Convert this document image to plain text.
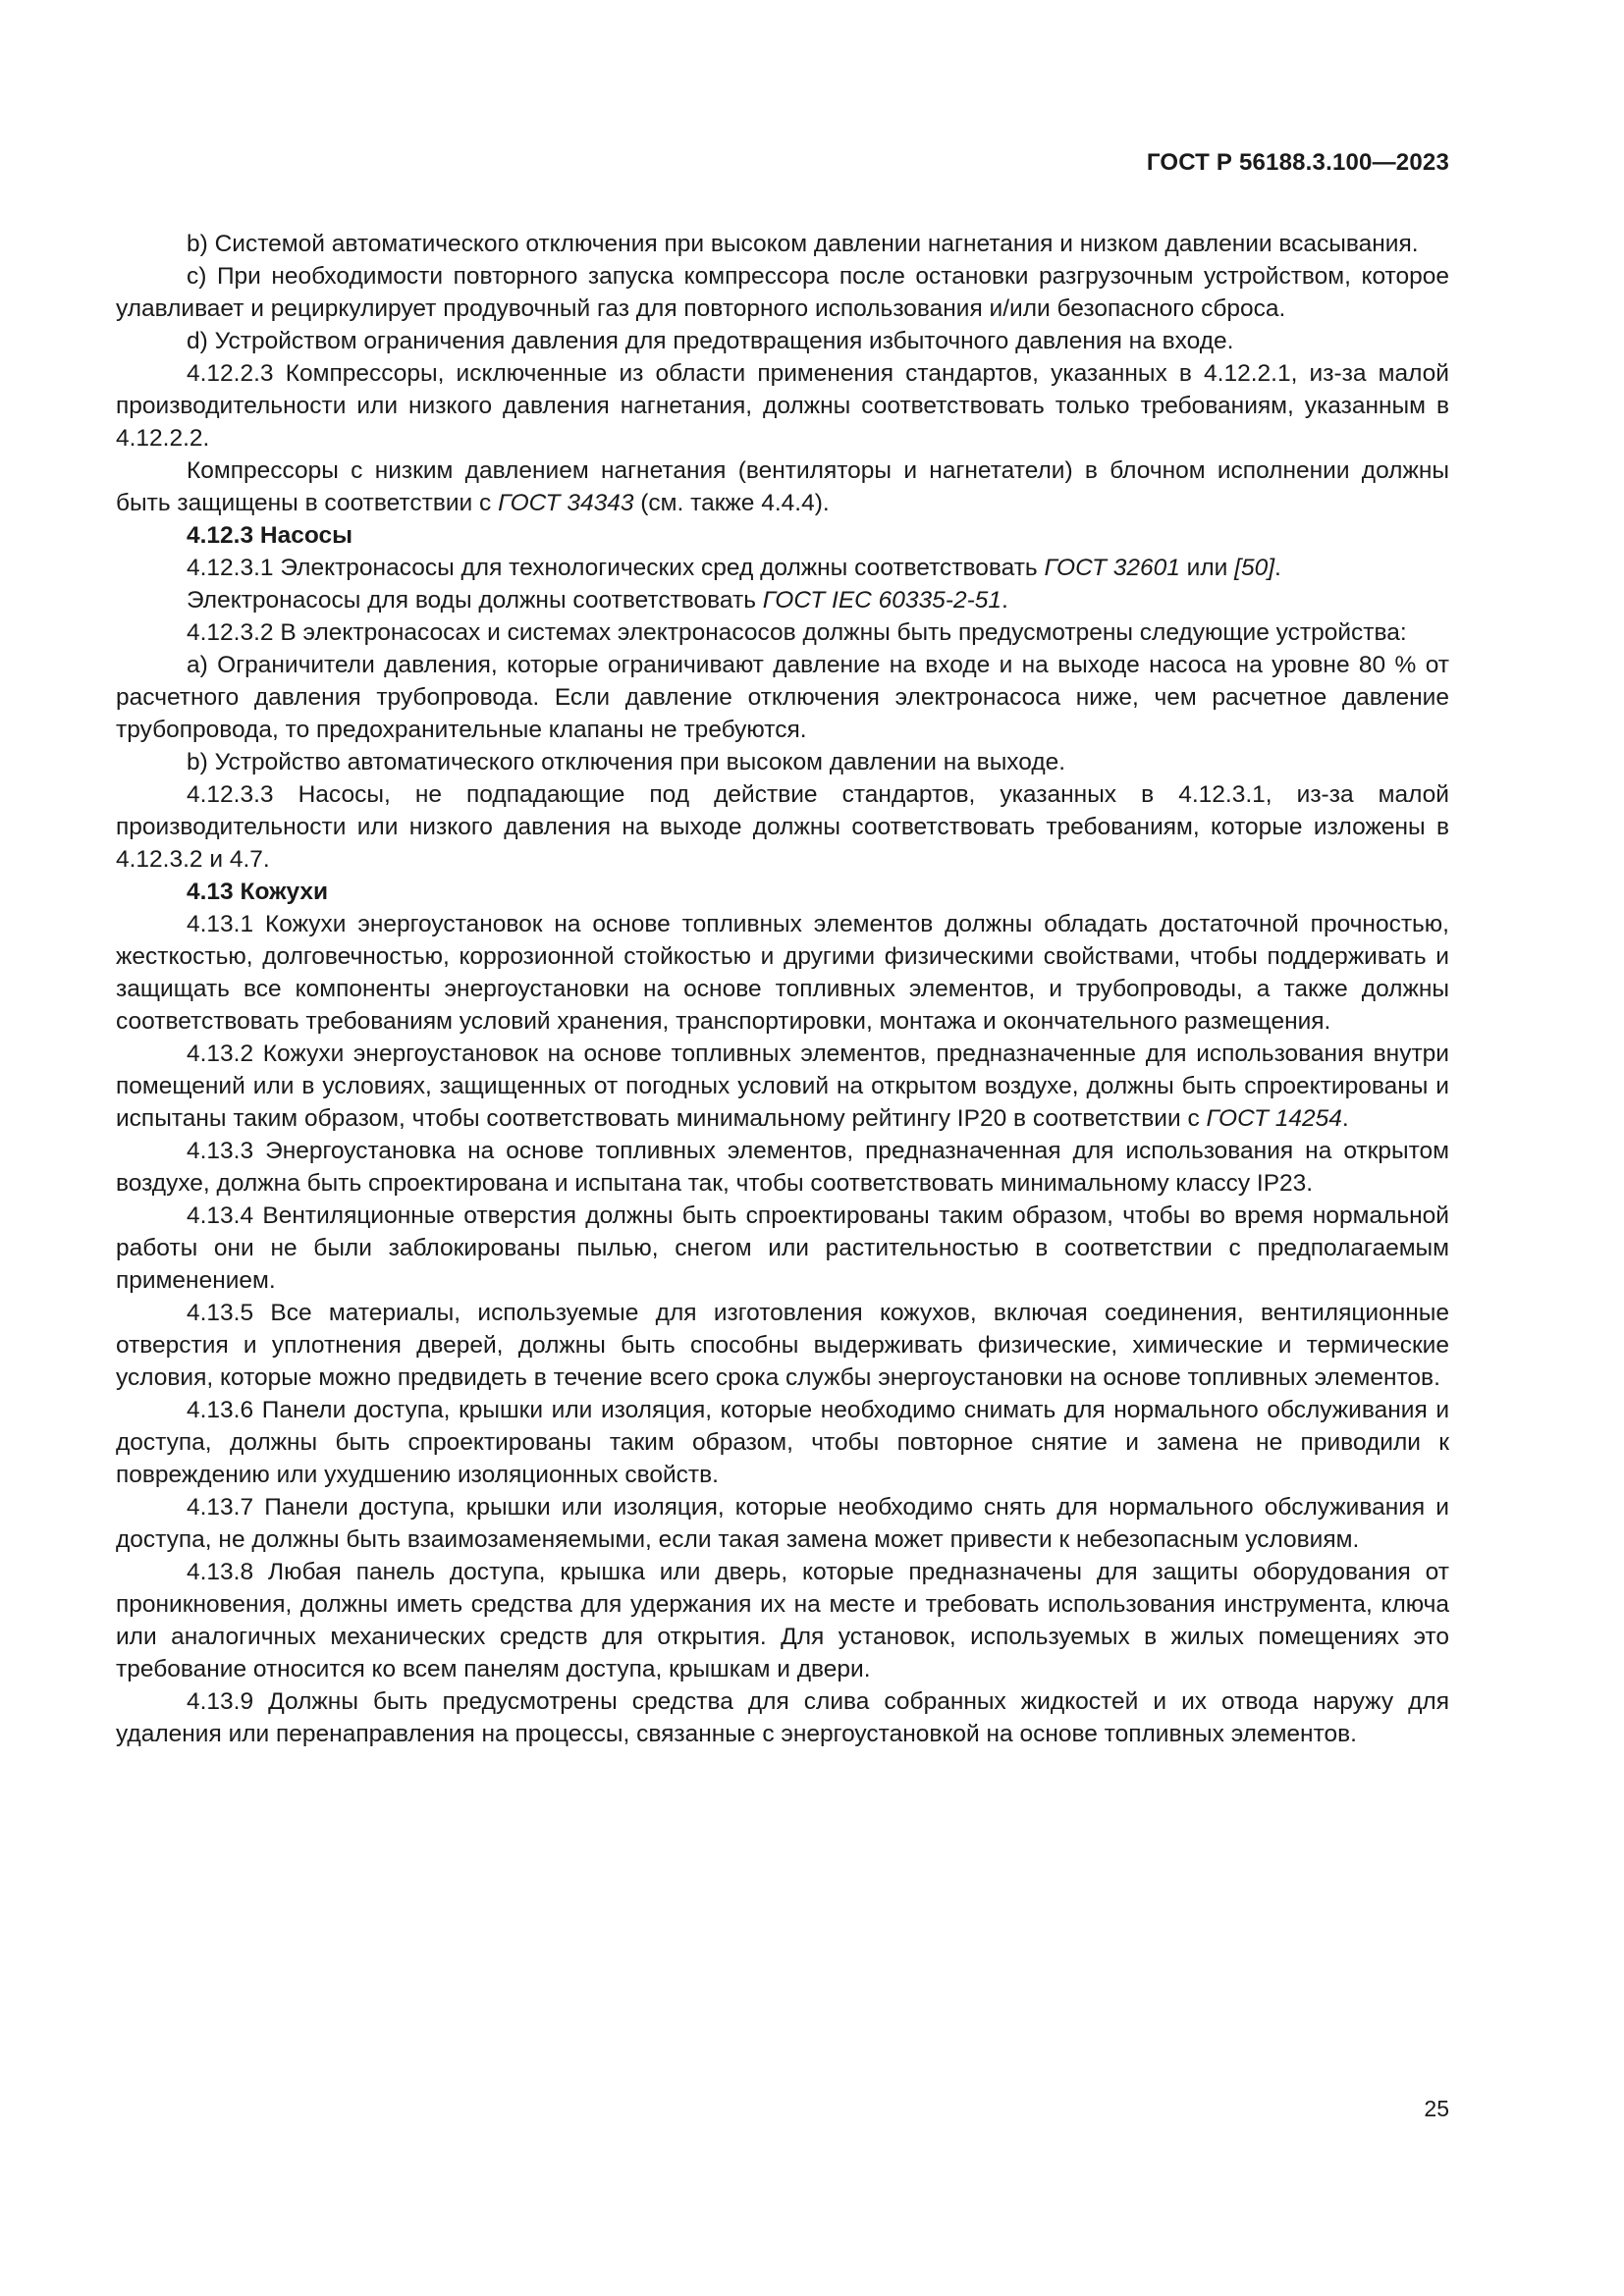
ГОСТ Р 56188.3.100—2023

b) Системой автоматического отключения при высоком давлении нагнетания и низком давлении всасывания.

c) При необходимости повторного запуска компрессора после остановки разгрузочным устройством, которое улавливает и рециркулирует продувочный газ для повторного использования и/или безопасного сброса.

d) Устройством ограничения давления для предотвращения избыточного давления на входе.

4.12.2.3 Компрессоры, исключенные из области применения стандартов, указанных в 4.12.2.1, из-за малой производительности или низкого давления нагнетания, должны соответствовать только требованиям, указанным в 4.12.2.2.

Компрессоры с низким давлением нагнетания (вентиляторы и нагнетатели) в блочном исполнении должны быть защищены в соответствии с ГОСТ 34343 (см. также 4.4.4).

4.12.3 Насосы

4.12.3.1 Электронасосы для технологических сред должны соответствовать ГОСТ 32601 или [50].

Электронасосы для воды должны соответствовать ГОСТ IEC 60335-2-51.

4.12.3.2 В электронасосах и системах электронасосов должны быть предусмотрены следующие устройства:

a) Ограничители давления, которые ограничивают давление на входе и на выходе насоса на уровне 80 % от расчетного давления трубопровода. Если давление отключения электронасоса ниже, чем расчетное давление трубопровода, то предохранительные клапаны не требуются.

b) Устройство автоматического отключения при высоком давлении на выходе.

4.12.3.3 Насосы, не подпадающие под действие стандартов, указанных в 4.12.3.1, из-за малой производительности или низкого давления на выходе должны соответствовать требованиям, которые изложены в 4.12.3.2 и 4.7.

4.13 Кожухи

4.13.1 Кожухи энергоустановок на основе топливных элементов должны обладать достаточной прочностью, жесткостью, долговечностью, коррозионной стойкостью и другими физическими свойствами, чтобы поддерживать и защищать все компоненты энергоустановки на основе топливных элементов, и трубопроводы, а также должны соответствовать требованиям условий хранения, транспортировки, монтажа и окончательного размещения.

4.13.2 Кожухи энергоустановок на основе топливных элементов, предназначенные для использования внутри помещений или в условиях, защищенных от погодных условий на открытом воздухе, должны быть спроектированы и испытаны таким образом, чтобы соответствовать минимальному рейтингу IP20 в соответствии с ГОСТ 14254.

4.13.3 Энергоустановка на основе топливных элементов, предназначенная для использования на открытом воздухе, должна быть спроектирована и испытана так, чтобы соответствовать минимальному классу IP23.

4.13.4 Вентиляционные отверстия должны быть спроектированы таким образом, чтобы во время нормальной работы они не были заблокированы пылью, снегом или растительностью в соответствии с предполагаемым применением.

4.13.5 Все материалы, используемые для изготовления кожухов, включая соединения, вентиляционные отверстия и уплотнения дверей, должны быть способны выдерживать физические, химические и термические условия, которые можно предвидеть в течение всего срока службы энергоустановки на основе топливных элементов.

4.13.6 Панели доступа, крышки или изоляция, которые необходимо снимать для нормального обслуживания и доступа, должны быть спроектированы таким образом, чтобы повторное снятие и замена не приводили к повреждению или ухудшению изоляционных свойств.

4.13.7 Панели доступа, крышки или изоляция, которые необходимо снять для нормального обслуживания и доступа, не должны быть взаимозаменяемыми, если такая замена может привести к небезопасным условиям.

4.13.8 Любая панель доступа, крышка или дверь, которые предназначены для защиты оборудования от проникновения, должны иметь средства для удержания их на месте и требовать использования инструмента, ключа или аналогичных механических средств для открытия. Для установок, используемых в жилых помещениях это требование относится ко всем панелям доступа, крышкам и двери.

4.13.9 Должны быть предусмотрены средства для слива собранных жидкостей и их отвода наружу для удаления или перенаправления на процессы, связанные с энергоустановкой на основе топливных элементов.

25
